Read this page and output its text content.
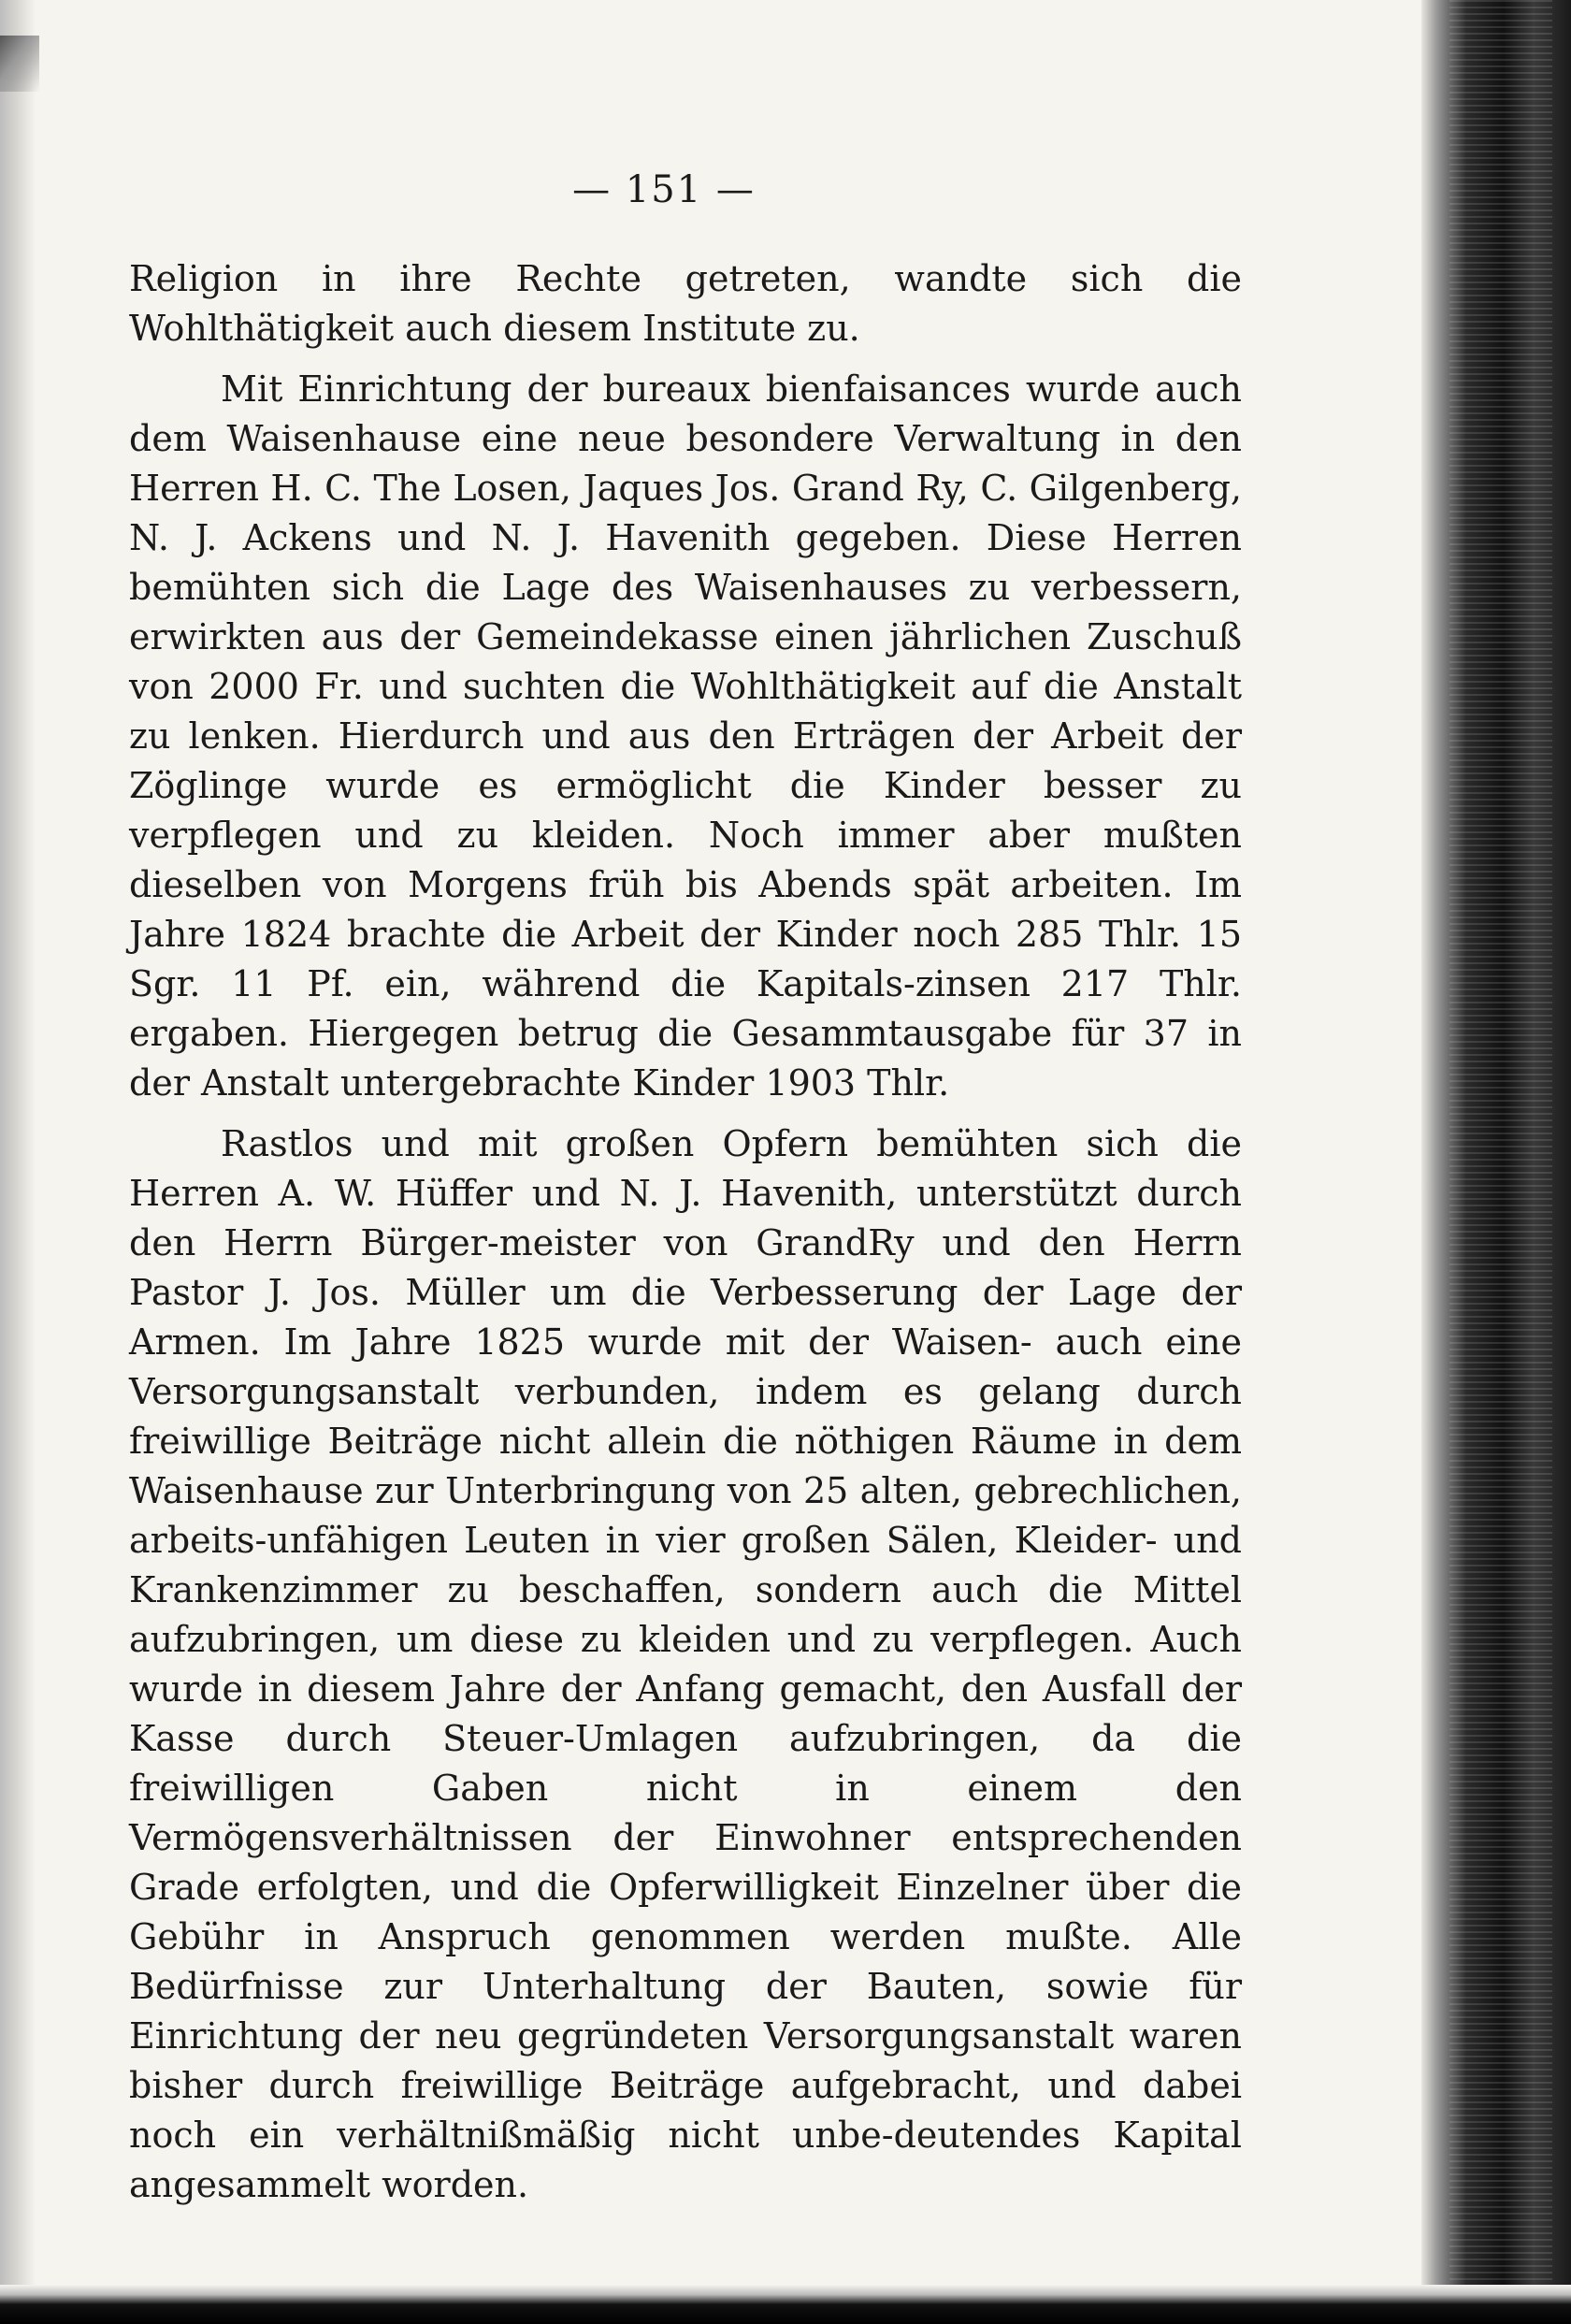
— 151 —

Religion in ihre Rechte getreten, wandte sich die Wohlthätigkeit auch diesem Institute zu.

Mit Einrichtung der bureaux bienfaisances wurde auch dem Waisenhause eine neue besondere Verwaltung in den Herren H. C. The Losen, Jaques Jos. Grand Ry, C. Gilgenberg, N. J. Ackens und N. J. Havenith gegeben. Diese Herren bemühten sich die Lage des Waisenhauses zu verbessern, erwirkten aus der Gemeindekasse einen jährlichen Zuschuß von 2000 Fr. und suchten die Wohlthätigkeit auf die Anstalt zu lenken. Hierdurch und aus den Erträgen der Arbeit der Zöglinge wurde es ermöglicht die Kinder besser zu verpflegen und zu kleiden. Noch immer aber mußten dieselben von Morgens früh bis Abends spät arbeiten. Im Jahre 1824 brachte die Arbeit der Kinder noch 285 Thlr. 15 Sgr. 11 Pf. ein, während die Kapitals-zinsen 217 Thlr. ergaben. Hiergegen betrug die Gesammtausgabe für 37 in der Anstalt untergebrachte Kinder 1903 Thlr.

Rastlos und mit großen Opfern bemühten sich die Herren A. W. Hüffer und N. J. Havenith, unterstützt durch den Herrn Bürger-meister von GrandRy und den Herrn Pastor J. Jos. Müller um die Verbesserung der Lage der Armen. Im Jahre 1825 wurde mit der Waisen- auch eine Versorgungsanstalt verbunden, indem es gelang durch freiwillige Beiträge nicht allein die nöthigen Räume in dem Waisenhause zur Unterbringung von 25 alten, gebrechlichen, arbeits-unfähigen Leuten in vier großen Sälen, Kleider- und Krankenzimmer zu beschaffen, sondern auch die Mittel aufzubringen, um diese zu kleiden und zu verpflegen. Auch wurde in diesem Jahre der Anfang gemacht, den Ausfall der Kasse durch Steuer-Umlagen aufzubringen, da die freiwilligen Gaben nicht in einem den Vermögensverhältnissen der Einwohner entsprechenden Grade erfolgten, und die Opferwilligkeit Einzelner über die Gebühr in Anspruch genommen werden mußte. Alle Bedürfnisse zur Unterhaltung der Bauten, sowie für Einrichtung der neu gegründeten Versorgungsanstalt waren bisher durch freiwillige Beiträge aufgebracht, und dabei noch ein verhältnißmäßig nicht unbe-deutendes Kapital angesammelt worden.
